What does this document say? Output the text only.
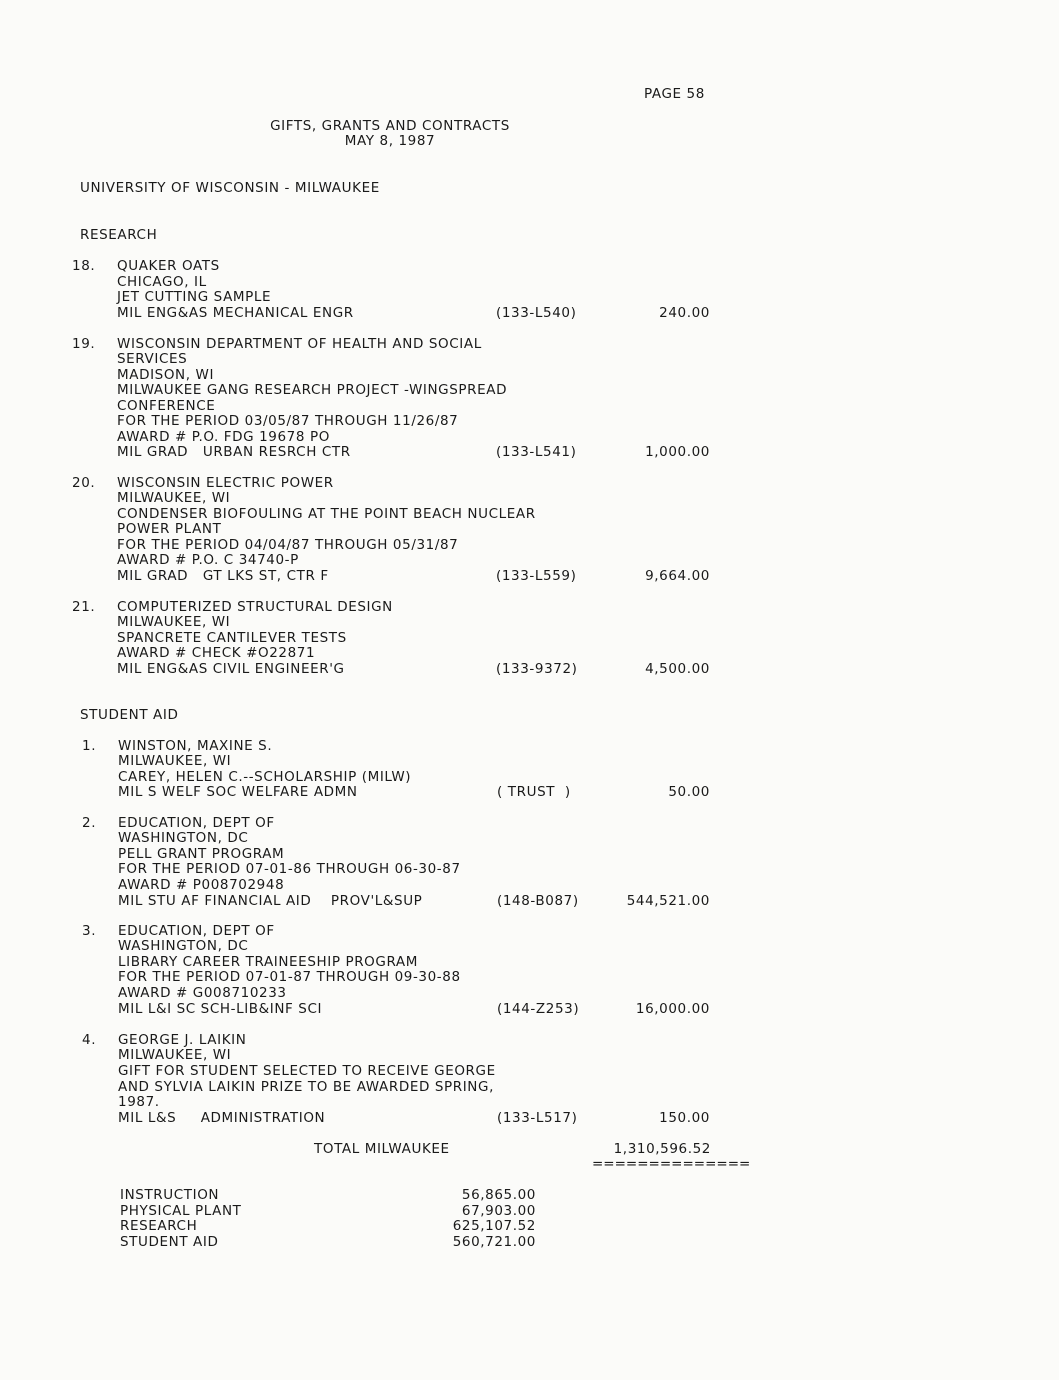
PAGE 58
GIFTS, GRANTS AND CONTRACTS
MAY 8, 1987
UNIVERSITY OF WISCONSIN - MILWAUKEE
RESEARCH
18. QUAKER OATS
CHICAGO, IL
JET CUTTING SAMPLE
MIL ENG&AS MECHANICAL ENGR	(133-L540)	240.00
19. WISCONSIN DEPARTMENT OF HEALTH AND SOCIAL
SERVICES
MADISON, WI
MILWAUKEE GANG RESEARCH PROJECT -WINGSPREAD
CONFERENCE
FOR THE PERIOD 03/05/87 THROUGH 11/26/87
AWARD # P.O. FDG 19678 PO
MIL GRAD   URBAN RESRCH CTR	(133-L541)	1,000.00
20. WISCONSIN ELECTRIC POWER
MILWAUKEE, WI
CONDENSER BIOFOULING AT THE POINT BEACH NUCLEAR
POWER PLANT
FOR THE PERIOD 04/04/87 THROUGH 05/31/87
AWARD # P.O. C 34740-P
MIL GRAD   GT LKS ST, CTR F	(133-L559)	9,664.00
21. COMPUTERIZED STRUCTURAL DESIGN
MILWAUKEE, WI
SPANCRETE CANTILEVER TESTS
AWARD # CHECK #O22871
MIL ENG&AS CIVIL ENGINEER'G	(133-9372)	4,500.00
STUDENT AID
1. WINSTON, MAXINE S.
MILWAUKEE, WI
CAREY, HELEN C.--SCHOLARSHIP (MILW)
MIL S WELF SOC WELFARE ADMN	( TRUST  )	50.00
2. EDUCATION, DEPT OF
WASHINGTON, DC
PELL GRANT PROGRAM
FOR THE PERIOD 07-01-86 THROUGH 06-30-87
AWARD # P008702948
MIL STU AF FINANCIAL AID    PROV'L&SUP	(148-B087)	544,521.00
3. EDUCATION, DEPT OF
WASHINGTON, DC
LIBRARY CAREER TRAINEESHIP PROGRAM
FOR THE PERIOD 07-01-87 THROUGH 09-30-88
AWARD # G008710233
MIL L&I SC SCH-LIB&INF SCI	(144-Z253)	16,000.00
4. GEORGE J. LAIKIN
MILWAUKEE, WI
GIFT FOR STUDENT SELECTED TO RECEIVE GEORGE
AND SYLVIA LAIKIN PRIZE TO BE AWARDED SPRING,
1987.
MIL L&S     ADMINISTRATION	(133-L517)	150.00
TOTAL MILWAUKEE	1,310,596.52
==============
INSTRUCTION	56,865.00
PHYSICAL PLANT	67,903.00
RESEARCH	625,107.52
STUDENT AID	560,721.00
